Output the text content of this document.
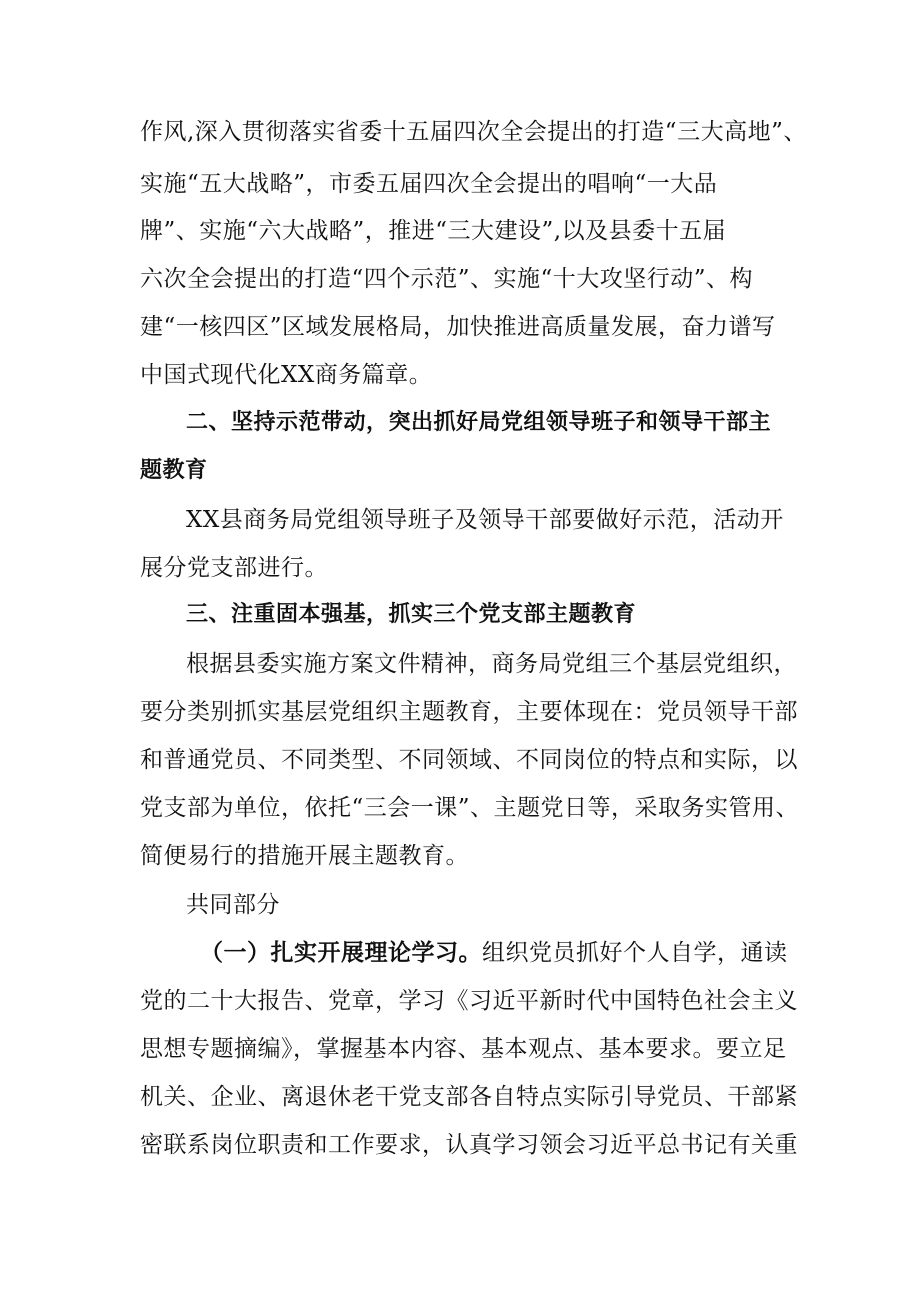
作风,深入贯彻落实省委十五届四次全会提出的打造“三大高地”、
实施“五大战略”，市委五届四次全会提出的唱响“一大品
牌”、实施“六大战略”，推进“三大建设”,以及县委十五届
六次全会提出的打造“四个示范”、实施“十大攻坚行动”、构
建“一核四区”区域发展格局，加快推进高质量发展，奋力谱写
中国式现代化XX商务篇章。
二、坚持示范带动，突出抓好局党组领导班子和领导干部主
题教育
XX县商务局党组领导班子及领导干部要做好示范，活动开
展分党支部进行。
三、注重固本强基，抓实三个党支部主题教育
根据县委实施方案文件精神，商务局党组三个基层党组织，
要分类别抓实基层党组织主题教育，主要体现在：党员领导干部
和普通党员、不同类型、不同领域、不同岗位的特点和实际，以
党支部为单位，依托“三会一课”、主题党日等，采取务实管用、
简便易行的措施开展主题教育。
共同部分
（一）扎实开展理论学习。组织党员抓好个人自学，通读
党的二十大报告、党章，学习《习近平新时代中国特色社会主义
思想专题摘编》，掌握基本内容、基本观点、基本要求。要立足
机关、企业、离退休老干党支部各自特点实际引导党员、干部紧
密联系岗位职责和工作要求，认真学习领会习近平总书记有关重
